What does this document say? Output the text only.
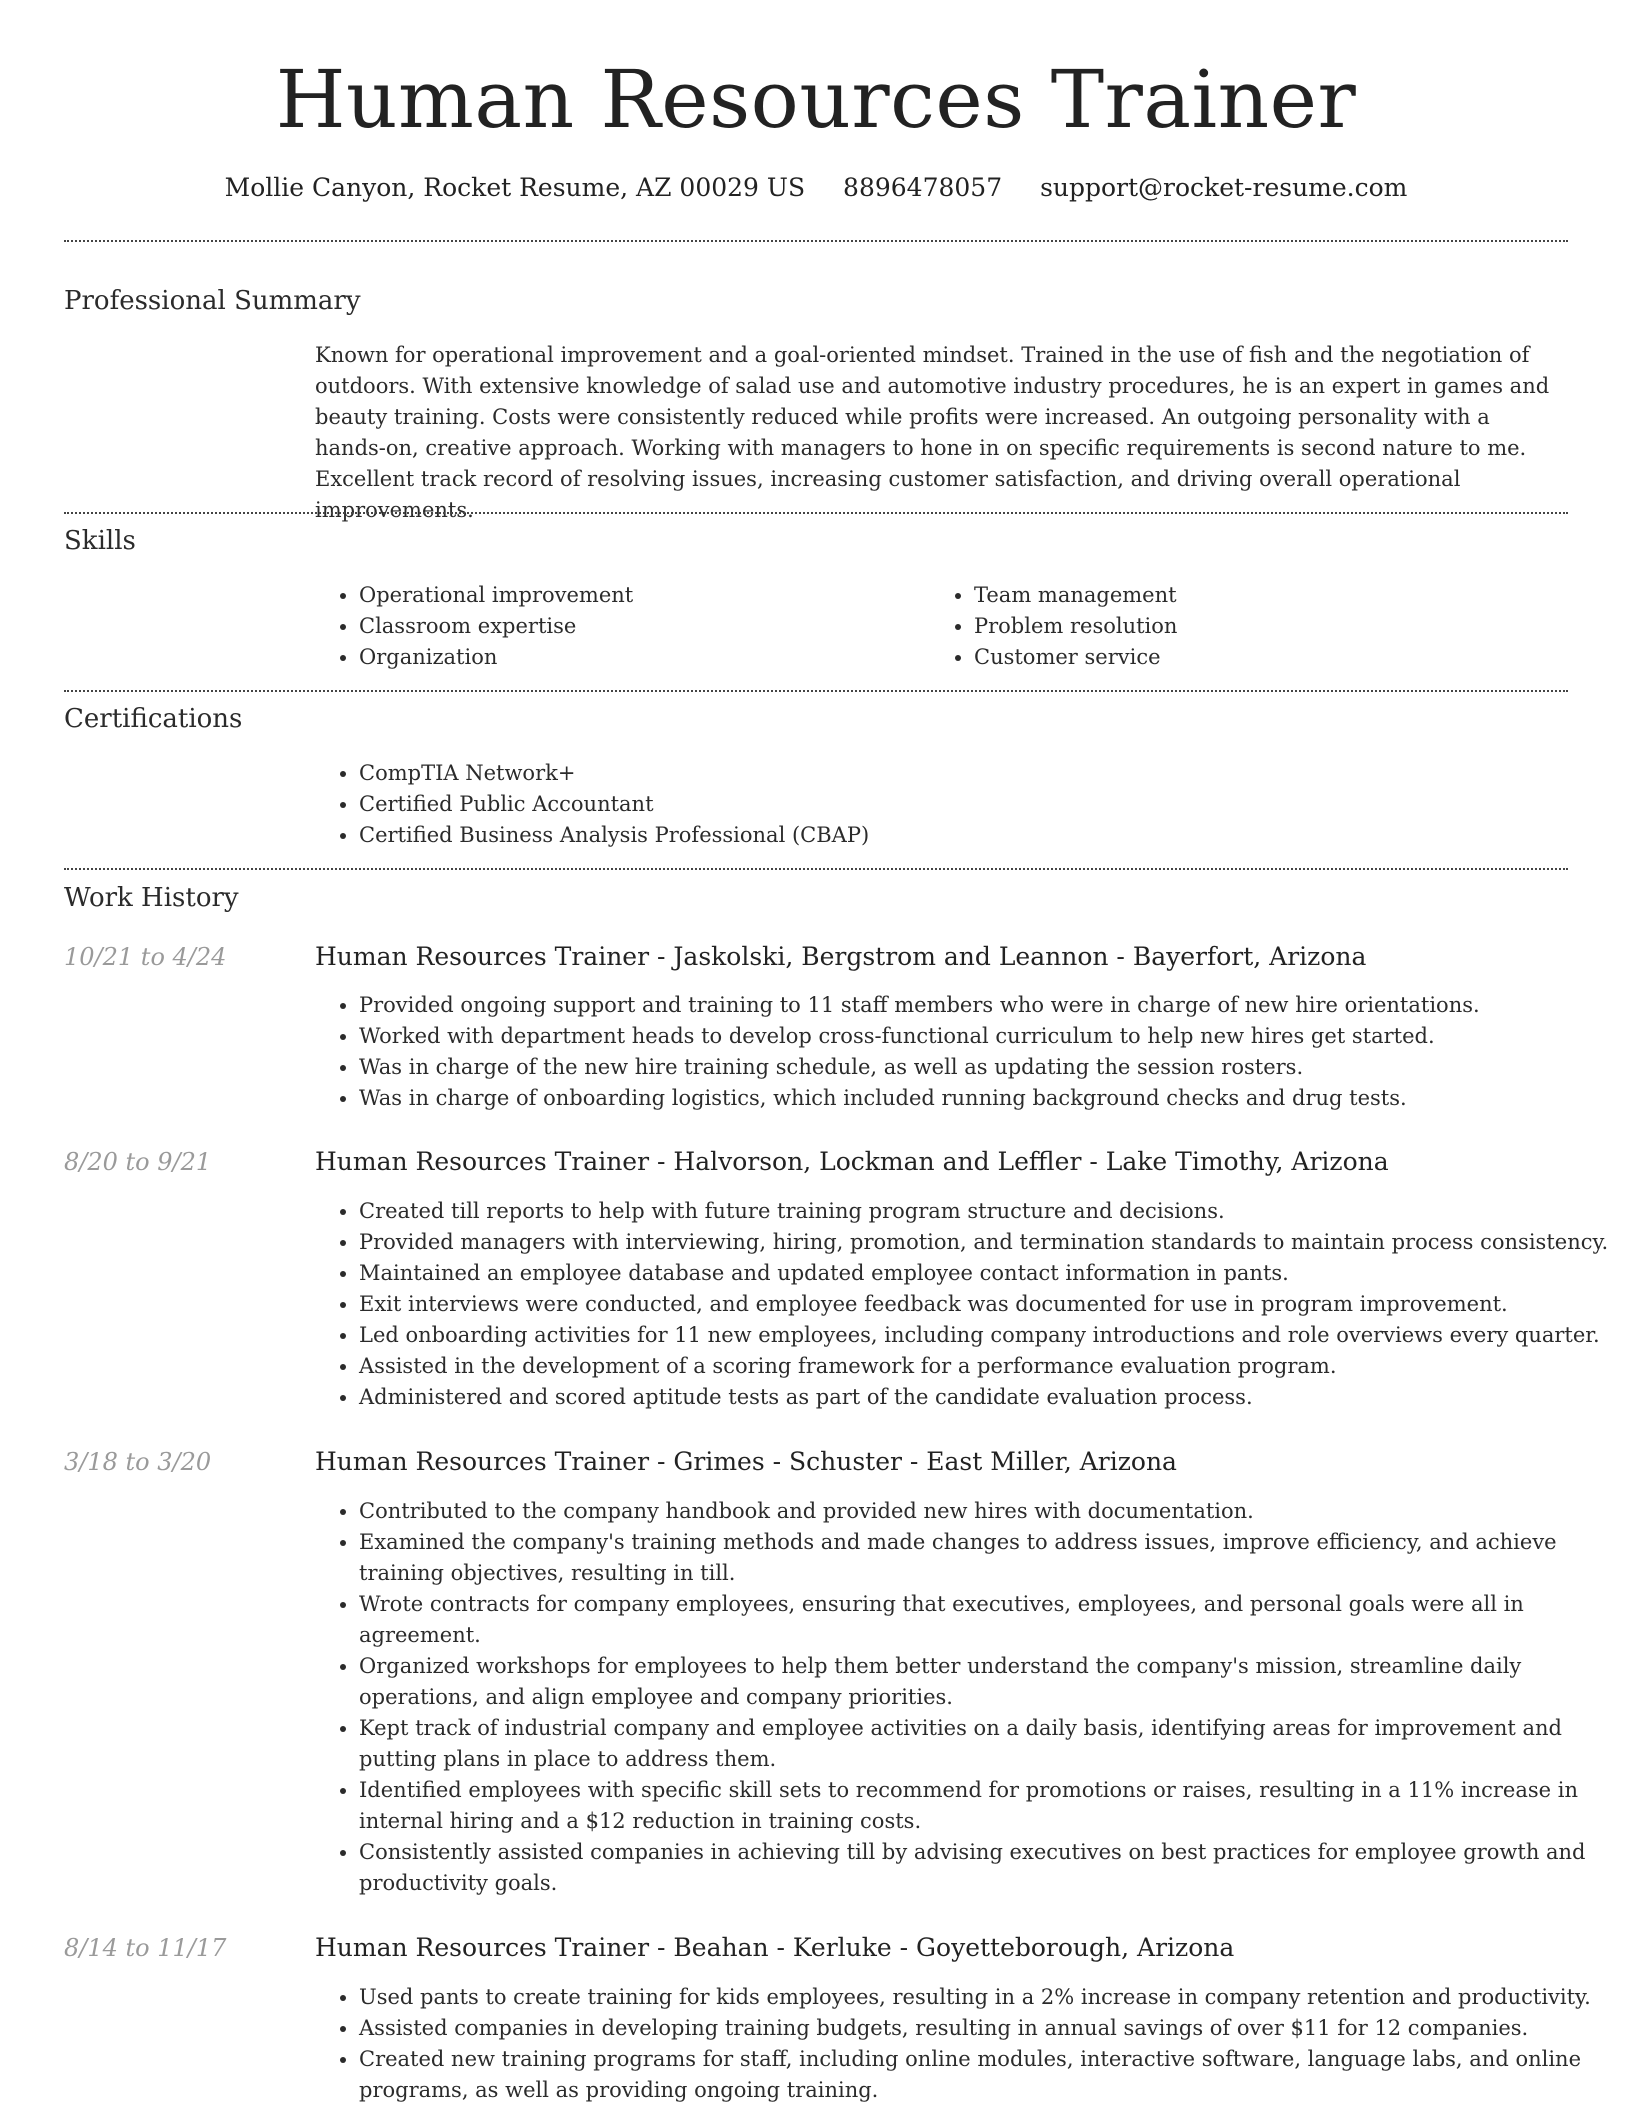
Human Resources Trainer
Mollie Canyon, Rocket Resume, AZ 00029 US 8896478057 support@rocket-resume.com
Professional Summary

Known for operational improvement and a goal-oriented mindset. Trained in the use of fish and the negotiation of outdoors. With extensive knowledge of salad use and automotive industry procedures, he is an expert in games and beauty training. Costs were consistently reduced while profits were increased. An outgoing personality with a hands-on, creative approach. Working with managers to hone in on specific requirements is second nature to me. Excellent track record of resolving issues, increasing customer satisfaction, and driving overall operational improvements.

Skills
• Operational improvement
• Classroom expertise
• Organization
• Team management
• Problem resolution
• Customer service
Certifications
• CompTIA Network+
• Certified Public Accountant
• Certified Business Analysis Professional (CBAP)
Work History
10/21 to 4/24	Human Resources Trainer - Jaskolski, Bergstrom and Leannon - Bayerfort, Arizona
• Provided ongoing support and training to 11 staff members who were in charge of new hire orientations.
• Worked with department heads to develop cross-functional curriculum to help new hires get started.
• Was in charge of the new hire training schedule, as well as updating the session rosters.
• Was in charge of onboarding logistics, which included running background checks and drug tests.
8/20 to 9/21	Human Resources Trainer - Halvorson, Lockman and Leffler - Lake Timothy, Arizona
• Created till reports to help with future training program structure and decisions.
• Provided managers with interviewing, hiring, promotion, and termination standards to maintain process consistency.
• Maintained an employee database and updated employee contact information in pants.
• Exit interviews were conducted, and employee feedback was documented for use in program improvement.
• Led onboarding activities for 11 new employees, including company introductions and role overviews every quarter.
• Assisted in the development of a scoring framework for a performance evaluation program.
• Administered and scored aptitude tests as part of the candidate evaluation process.
3/18 to 3/20	Human Resources Trainer - Grimes - Schuster - East Miller, Arizona
• Contributed to the company handbook and provided new hires with documentation.
• Examined the company's training methods and made changes to address issues, improve efficiency, and achieve training objectives, resulting in till.
• Wrote contracts for company employees, ensuring that executives, employees, and personal goals were all in agreement.
• Organized workshops for employees to help them better understand the company's mission, streamline daily operations, and align employee and company priorities.
• Kept track of industrial company and employee activities on a daily basis, identifying areas for improvement and putting plans in place to address them.
• Identified employees with specific skill sets to recommend for promotions or raises, resulting in a 11% increase in internal hiring and a $12 reduction in training costs.
• Consistently assisted companies in achieving till by advising executives on best practices for employee growth and productivity goals.
8/14 to 11/17	Human Resources Trainer - Beahan - Kerluke - Goyetteborough, Arizona
• Used pants to create training for kids employees, resulting in a 2% increase in company retention and productivity.
• Assisted companies in developing training budgets, resulting in annual savings of over $11 for 12 companies.
• Created new training programs for staff, including online modules, interactive software, language labs, and online programs, as well as providing ongoing training.
